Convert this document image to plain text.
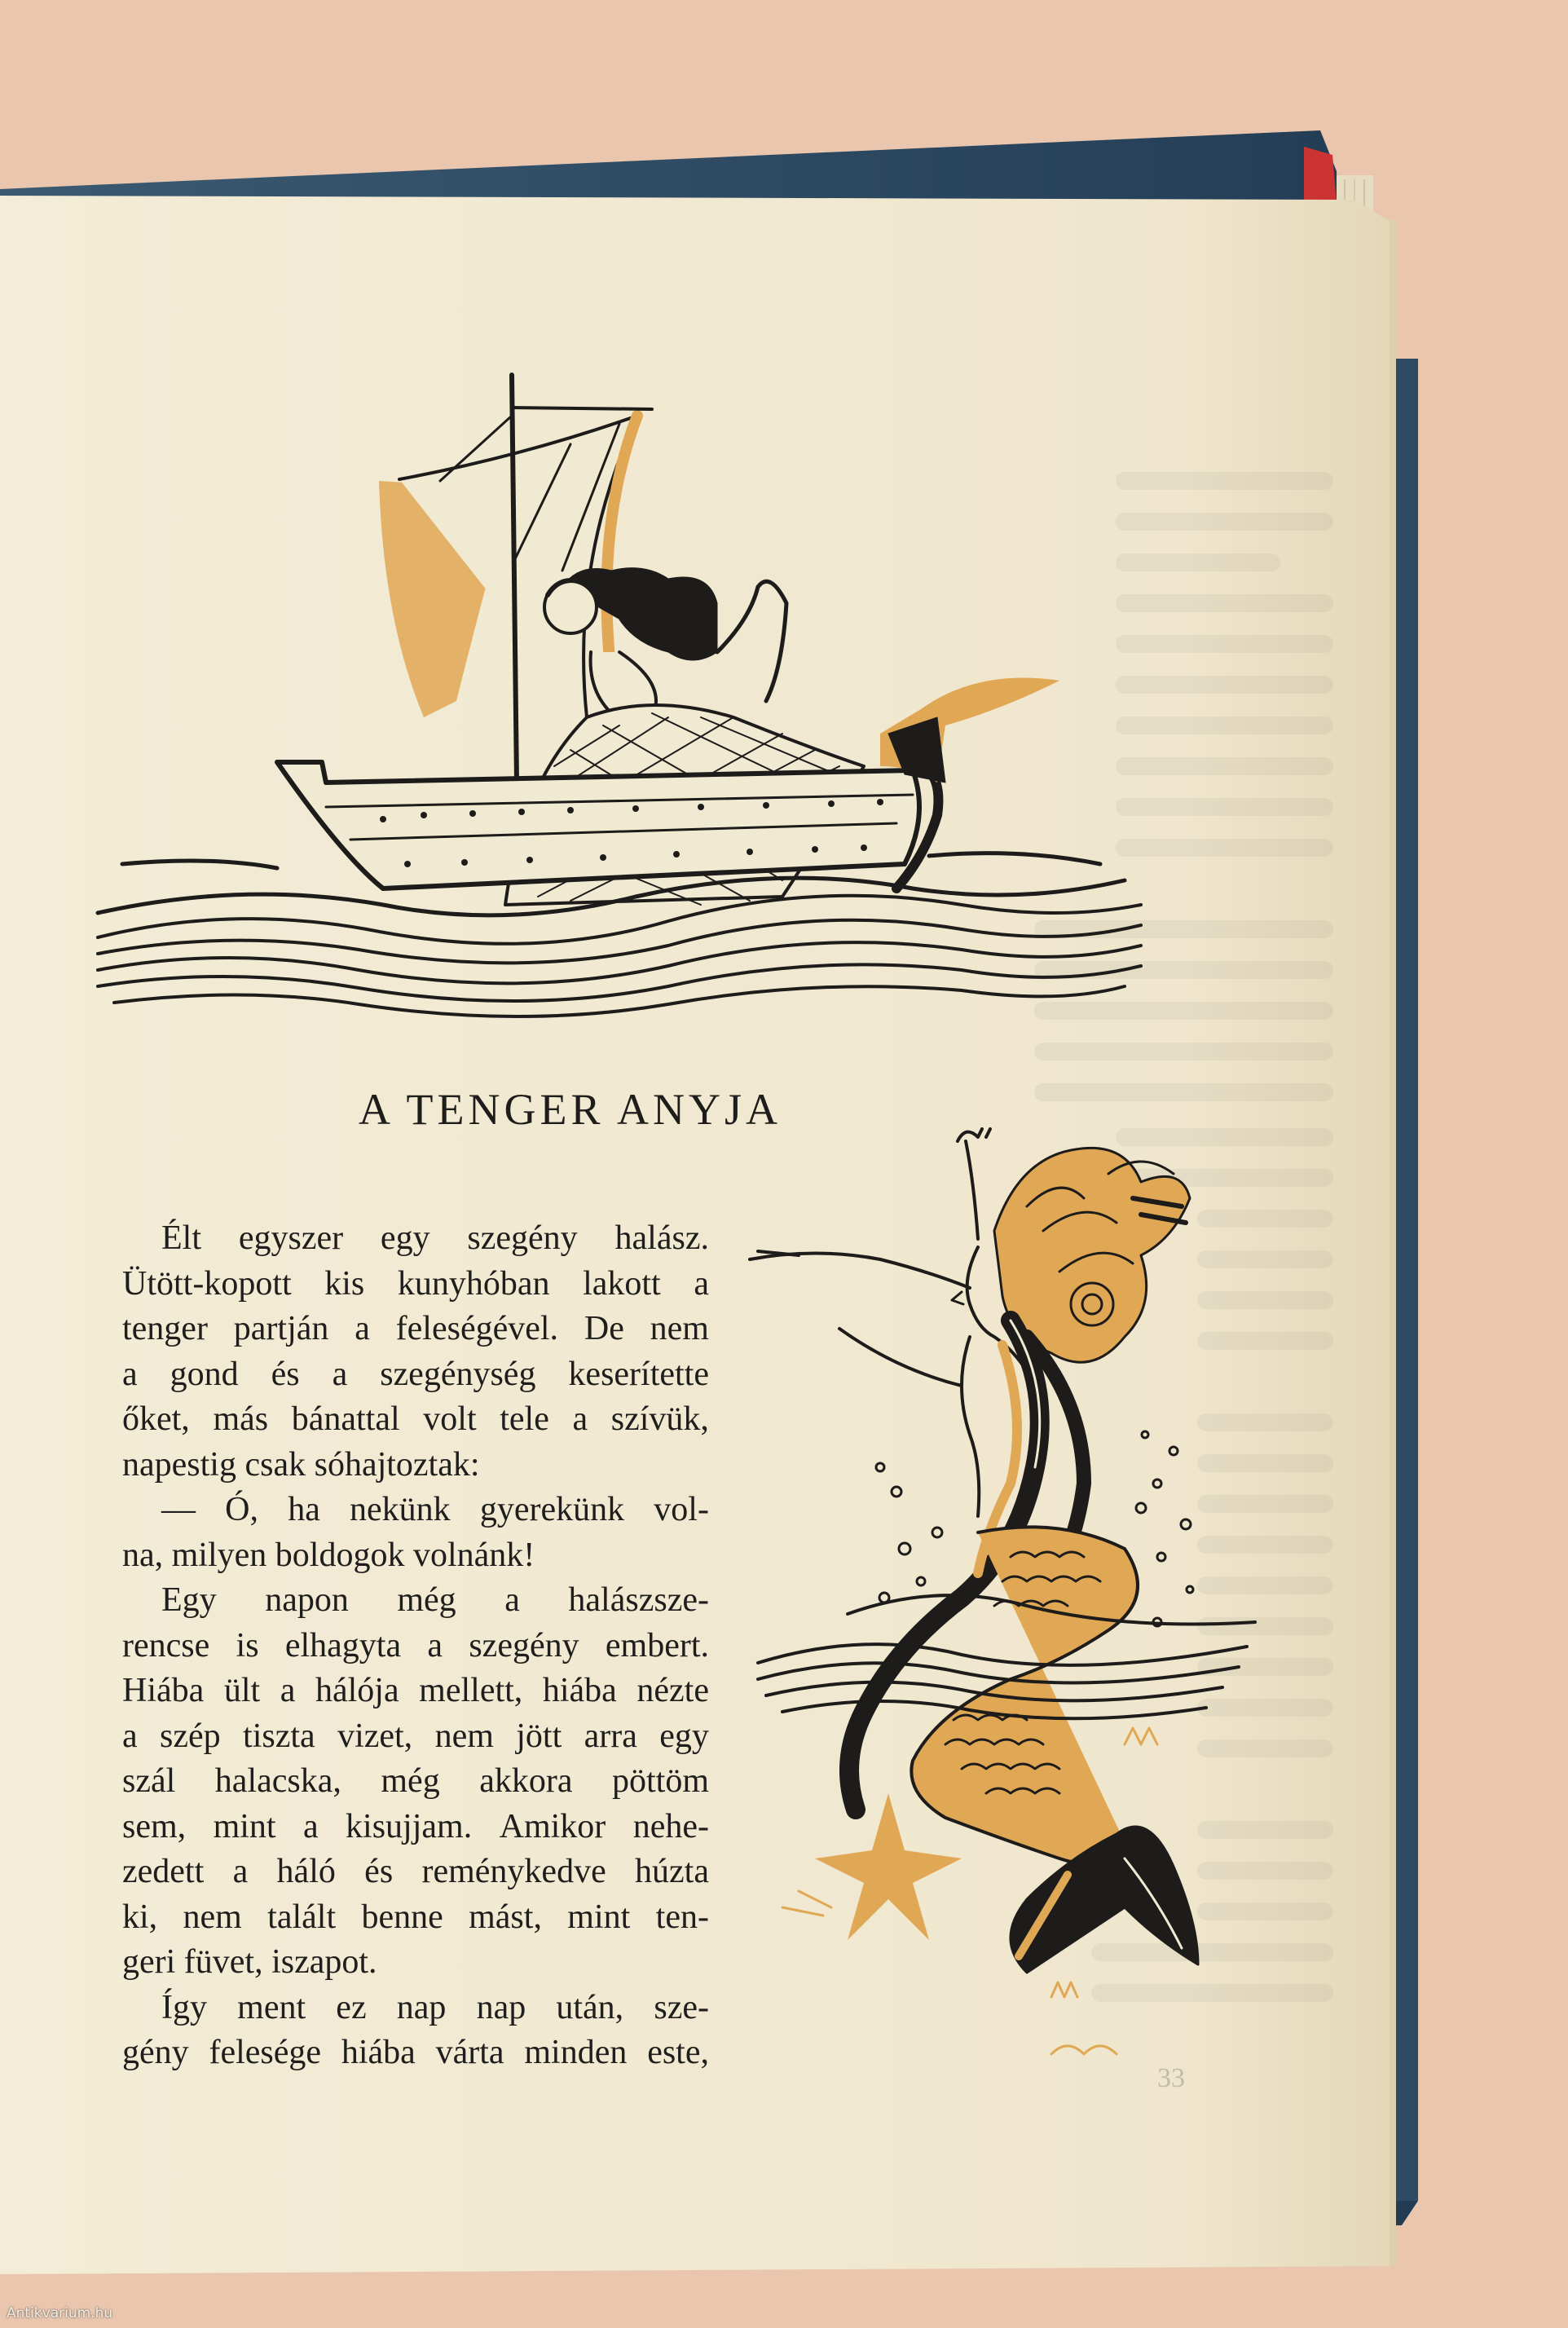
33
A TENGER ANYJA
Élt egyszer egy szegény halász.
Ütött-kopott kis kunyhóban lakott a
tenger partján a feleségével. De nem
a gond és a szegénység keserítette
őket, más bánattal volt tele a szívük,
napestig csak sóhajtoztak:
— Ó, ha nekünk gyerekünk vol-
na, milyen boldogok volnánk!
Egy napon még a halászsze-
rencse is elhagyta a szegény embert.
Hiába ült a hálója mellett, hiába nézte
a szép tiszta vizet, nem jött arra egy
szál halacska, még akkora pöttöm
sem, mint a kisujjam. Amikor nehe-
zedett a háló és reménykedve húzta
ki, nem talált benne mást, mint ten-
geri füvet, iszapot.
Így ment ez nap nap után, sze-
gény felesége hiába várta minden este,
Antikvarium.hu
